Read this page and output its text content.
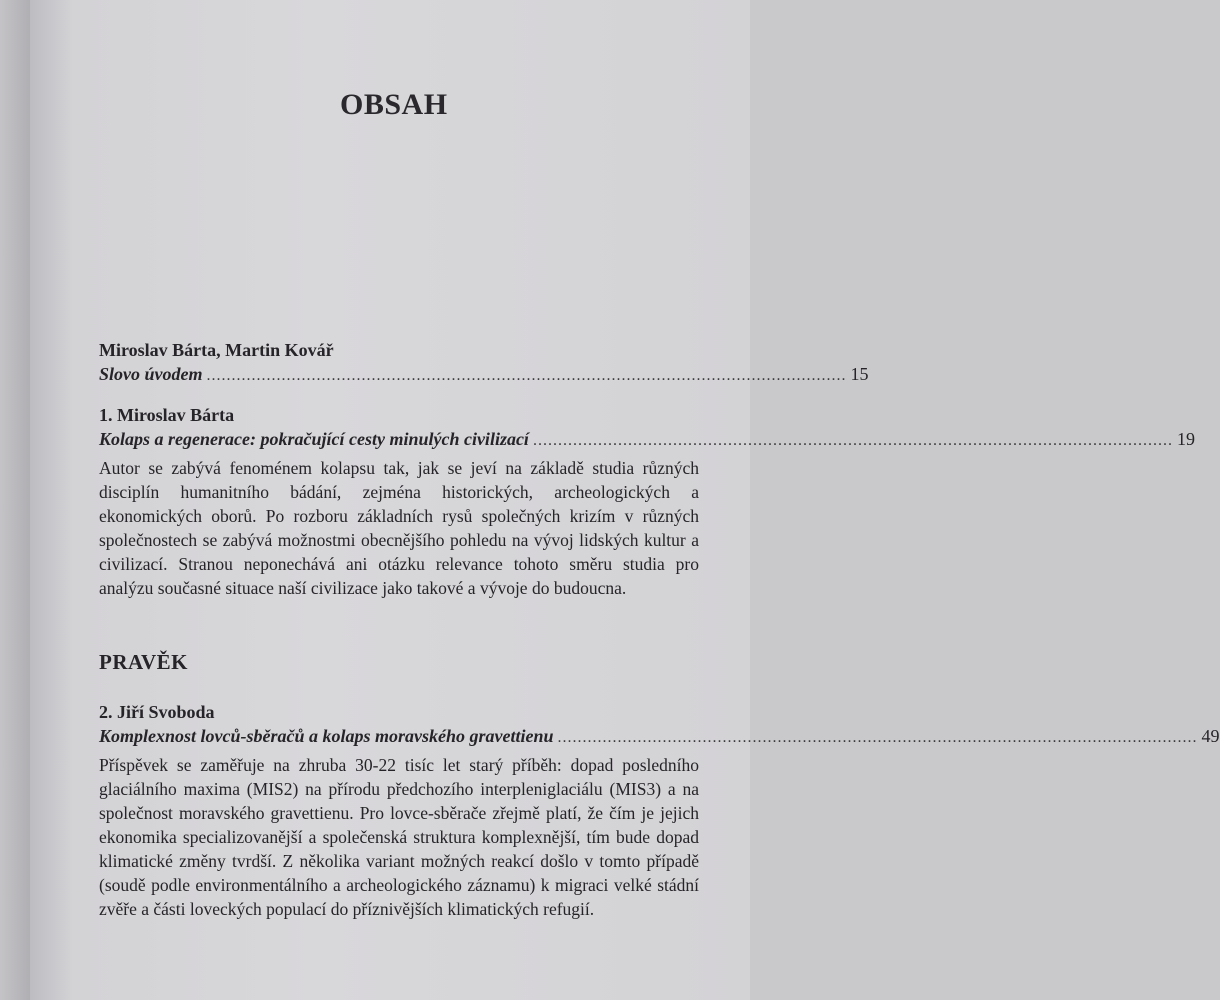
OBSAH
Miroslav Bárta, Martin Kovář
Slovo úvodem ................................................................................................................................ 15
1. Miroslav Bárta
Kolaps a regenerace: pokračující cesty minulých civilizací ................................................................................................................................ 19
Autor se zabývá fenoménem kolapsu tak, jak se jeví na základě studia různých disciplín humanitního bádání, zejména historických, archeologických a ekonomických oborů. Po rozboru základních rysů společných krizím v různých společnostech se zabývá možnostmi obecnějšího pohledu na vývoj lidských kultur a civilizací. Stranou neponechává ani otázku relevance tohoto směru studia pro analýzu současné situace naší civilizace jako takové a vývoje do budoucna.
PRAVĚK
2. Jiří Svoboda
Komplexnost lovců-sběračů a kolaps moravského gravettienu ................................................................................................................................ 49
Příspěvek se zaměřuje na zhruba 30-22 tisíc let starý příběh: dopad posledního glaciálního maxima (MIS2) na přírodu předchozího interpleniglaciálu (MIS3) a na společnost moravského gravettienu. Pro lovce-sběrače zřejmě platí, že čím je jejich ekonomika specializovanější a společenská struktura komplexnější, tím bude dopad klimatické změny tvrdší. Z několika variant možných reakcí došlo v tomto případě (soudě podle environmentálního a archeologického záznamu) k migraci velké stádní zvěře a části loveckých populací do příznivějších klimatických refugií.
